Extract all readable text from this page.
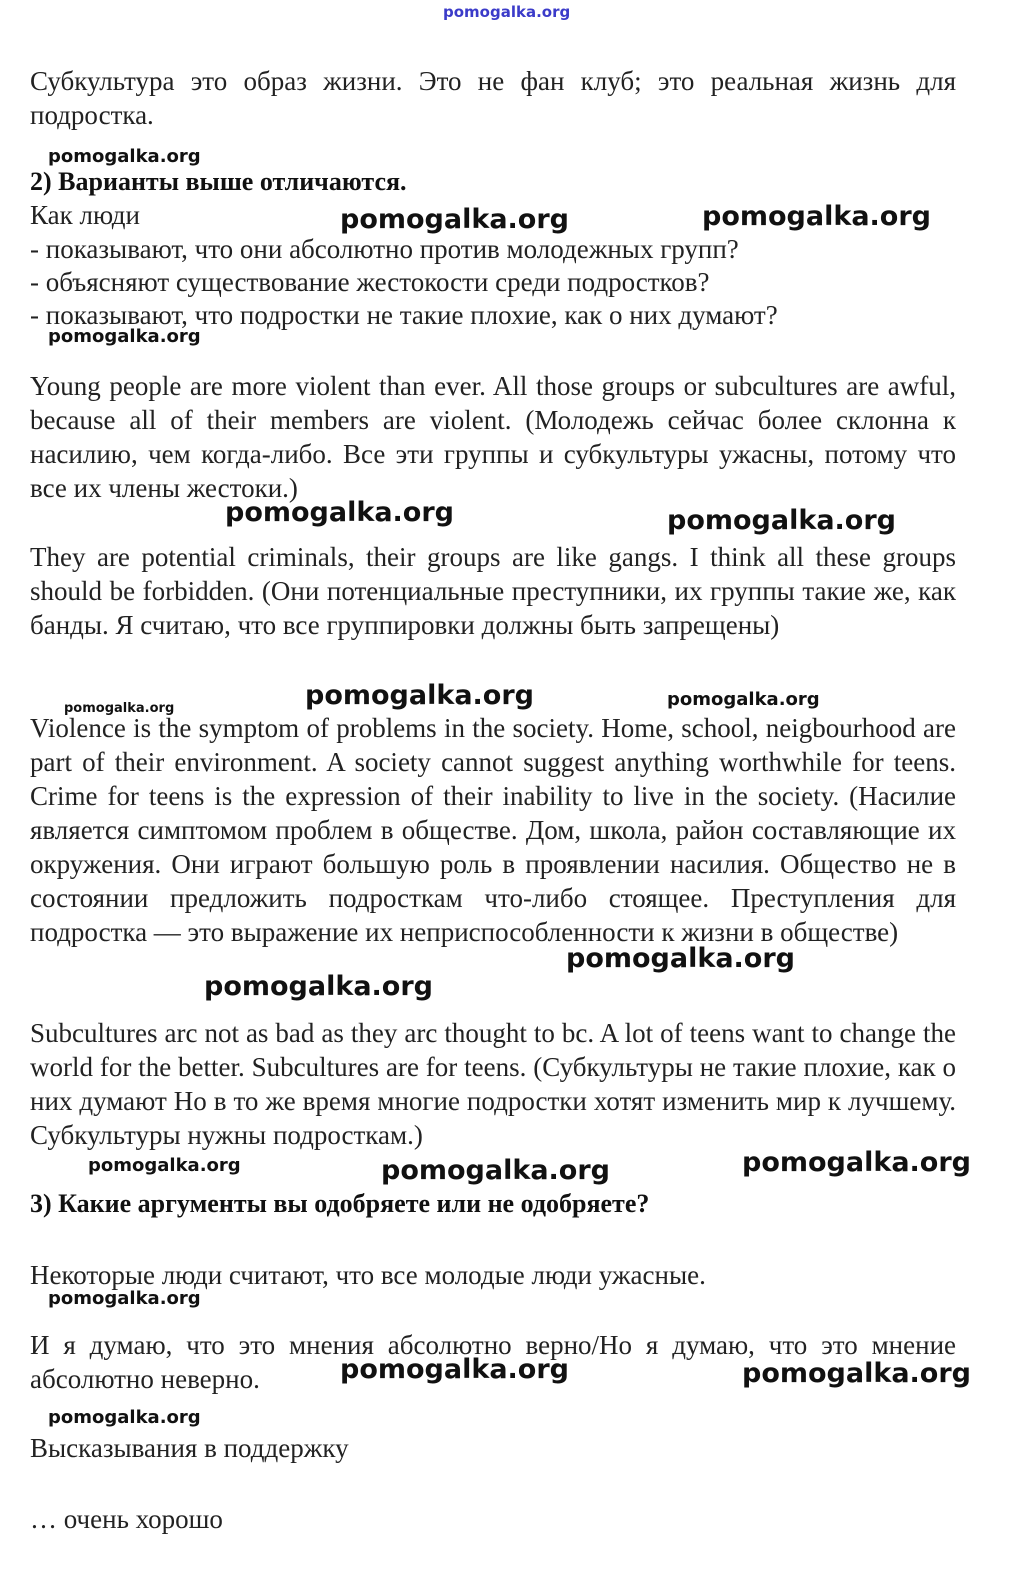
pomogalka.org

Субкультура это образ жизни. Это не фан клуб; это реальная жизнь для подростка.

pomogalka.org
2) Варианты выше отличаются.

Как люди

- показывают, что они абсолютно против молодежных групп?

- объясняют существование жестокости среди подростков?

- показывают, что подростки не такие плохие, как о них думают?

pomogalka.org	pomogalka.org
pomogalka.org

Young people are more violent than ever. All those groups or subcultures are awful, because all of their members are violent. (Молодежь сейчас более склонна к насилию, чем когда-либо. Все эти группы и субкультуры ужасны, потому что все их члены жестоки.)

pomogalka.org	pomogalka.org

They are potential criminals, their groups are like gangs. I think all these groups should be forbidden. (Они потенциальные преступники, их группы такие же, как банды. Я считаю, что все группировки должны быть запрещены)

pomogalka.org
pomogalka.org	pomogalka.org

Violence is the symptom of problems in the society. Home, school, neigbourhood are part of their environment. A society cannot suggest anything worthwhile for teens. Crime for teens is the expression of their inability to live in the society. (Насилие является симптомом проблем в обществе. Дом, школа, район составляющие их окружения. Они играют большую роль в проявлении насилия. Общество не в состоянии предложить подросткам что-либо стоящее. Преступления для подростка — это выражение их неприспособленности к жизни в обществе)

pomogalka.org
pomogalka.org

Subcultures arc not as bad as they arc thought to bc. A lot of teens want to change the world for the better. Subcultures are for teens. (Субкультуры не такие плохие, как о них думают Но в то же время многие подростки хотят изменить мир к лучшему. Субкультуры нужны подросткам.)

pomogalka.org	pomogalka.org	pomogalka.org
3) Какие аргументы вы одобряете или не одобряете?

Некоторые люди считают, что все молодые люди ужасные.

pomogalka.org

И я думаю, что это мнения абсолютно верно/Но я думаю, что это мнение абсолютно неверно.	pomogalka.org	pomogalka.org
pomogalka.org

Высказывания в поддержку

… очень хорошо
